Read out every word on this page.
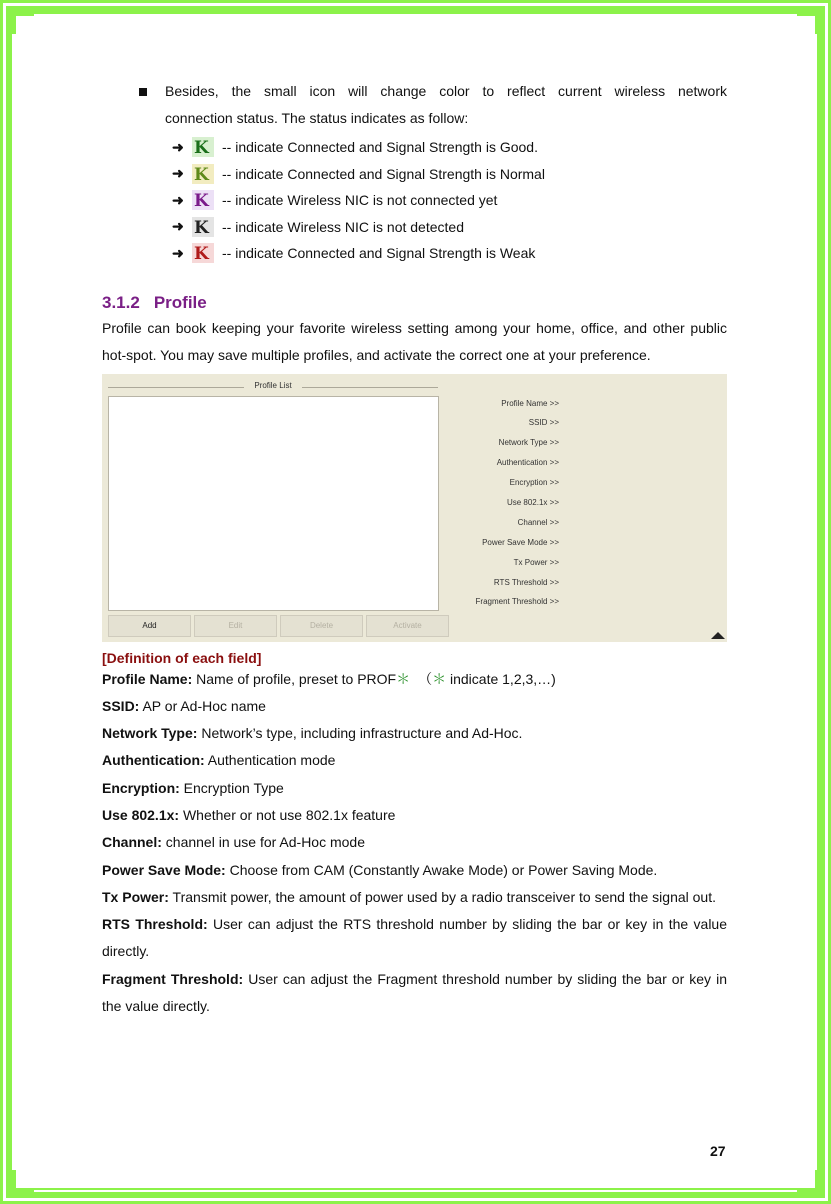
Besides, the small icon will change color to reflect current wireless network
connection status. The status indicates as follow:
➜ K -- indicate Connected and Signal Strength is Good.
➜ K -- indicate Connected and Signal Strength is Normal
➜ K -- indicate Wireless NIC is not connected yet
➜ K -- indicate Wireless NIC is not detected
➜ K -- indicate Connected and Signal Strength is Weak
3.1.2 Profile
Profile can book keeping your favorite wireless setting among your home, office, and other public hot-spot. You may save multiple profiles, and activate the correct one at your preference.
Profile List
Add	Edit	Delete	Activate
Profile Name >>
SSID >>
Network Type >>
Authentication >>
Encryption >>
Use 802.1x >>
Channel >>
Power Save Mode >>
Tx Power >>
RTS Threshold >>
Fragment Threshold >>
[Definition of each field]
Profile Name: Name of profile, preset to PROF＊ （＊ indicate 1,2,3,…)
SSID: AP or Ad-Hoc name
Network Type: Network’s type, including infrastructure and Ad-Hoc.
Authentication: Authentication mode
Encryption: Encryption Type
Use 802.1x: Whether or not use 802.1x feature
Channel: channel in use for Ad-Hoc mode
Power Save Mode: Choose from CAM (Constantly Awake Mode) or Power Saving Mode.
Tx Power: Transmit power, the amount of power used by a radio transceiver to send the signal out.
RTS Threshold: User can adjust the RTS threshold number by sliding the bar or key in the value directly.
Fragment Threshold: User can adjust the Fragment threshold number by sliding the bar or key in the value directly.
27
